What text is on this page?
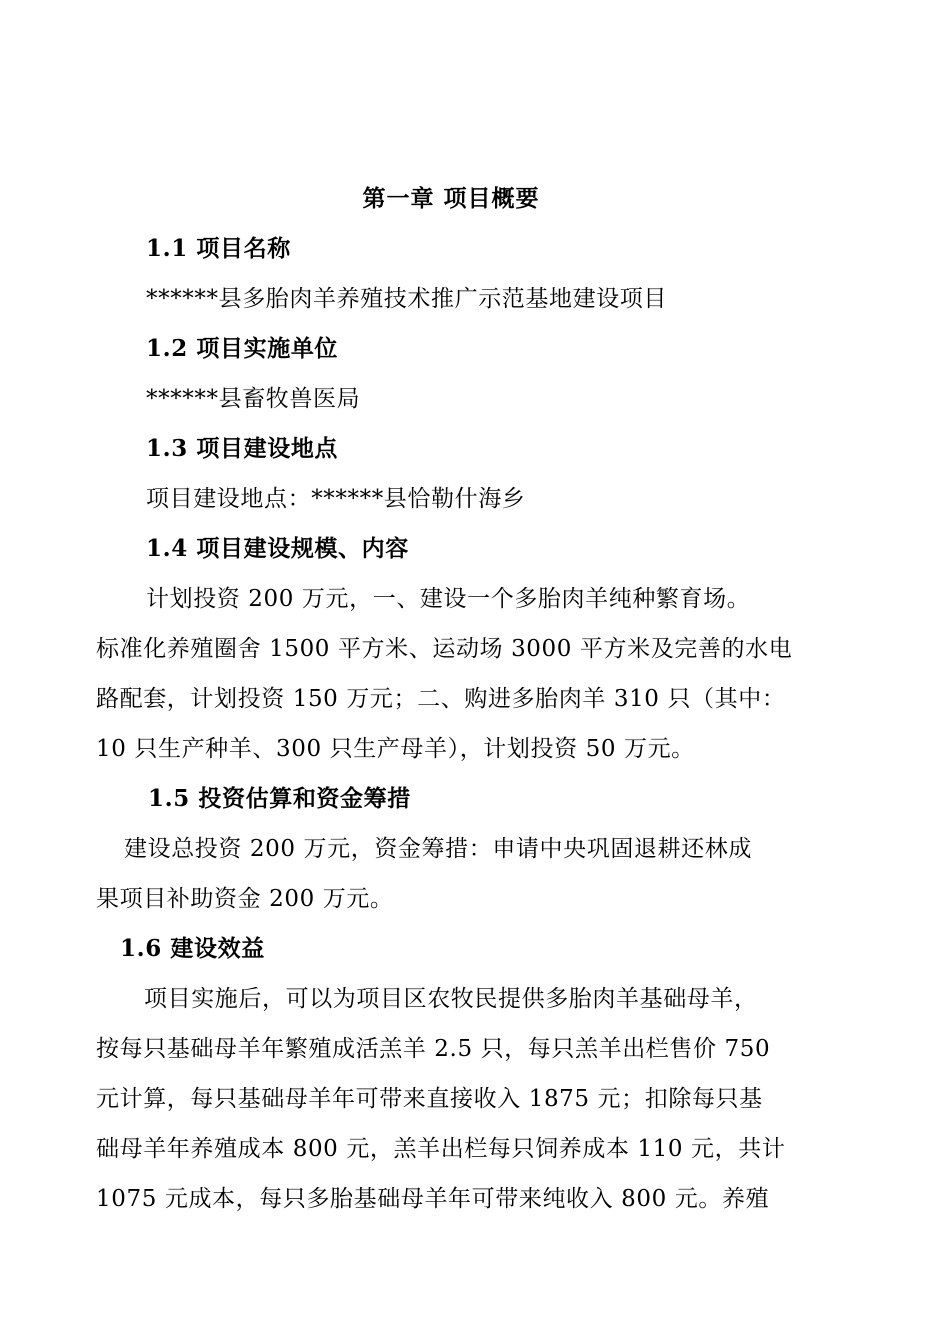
第一章 项目概要
1.1 项目名称
******县多胎肉羊养殖技术推广示范基地建设项目
1.2 项目实施单位
******县畜牧兽医局
1.3 项目建设地点
项目建设地点：******县恰勒什海乡
1.4 项目建设规模、内容
计划投资 200 万元，一、建设一个多胎肉羊纯种繁育场。
标准化养殖圈舍 1500 平方米、运动场 3000 平方米及完善的水电
路配套，计划投资 150 万元；二、购进多胎肉羊 310 只（其中：
10 只生产种羊、300 只生产母羊），计划投资 50 万元。
1.5 投资估算和资金筹措
建设总投资 200 万元，资金筹措：申请中央巩固退耕还林成
果项目补助资金 200 万元。
1.6 建设效益
项目实施后，可以为项目区农牧民提供多胎肉羊基础母羊，
按每只基础母羊年繁殖成活羔羊 2.5 只，每只羔羊出栏售价 750
元计算，每只基础母羊年可带来直接收入 1875 元；扣除每只基
础母羊年养殖成本 800 元，羔羊出栏每只饲养成本 110 元，共计
1075 元成本，每只多胎基础母羊年可带来纯收入 800 元。养殖
